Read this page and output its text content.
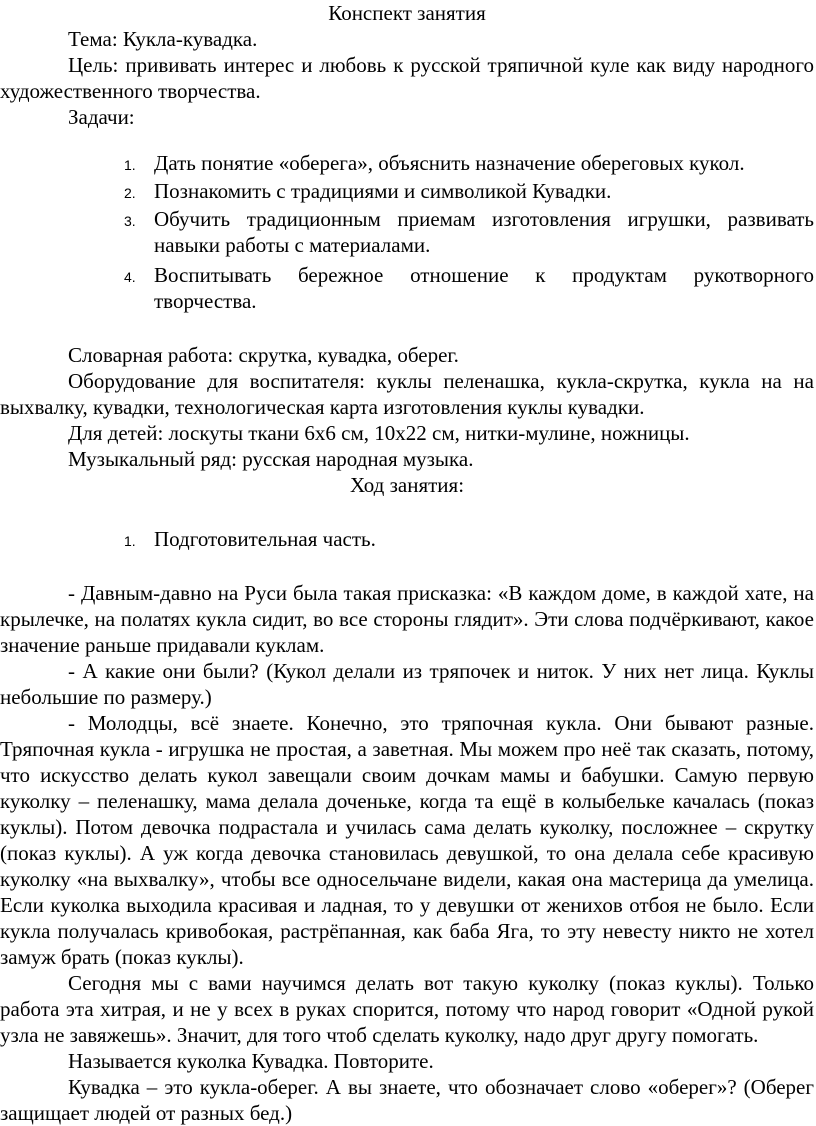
Конспект занятия

Тема: Кукла-кувадка.

Цель: прививать интерес и любовь к русской тряпичной куле как виду народного художественного творчества.

Задачи:

1. Дать понятие «оберега», объяснить назначение обереговых кукол.
2. Познакомить с традициями и символикой Кувадки.
3. Обучить традиционным приемам изготовления игрушки, развивать навыки работы с материалами.
4. Воспитывать бережное отношение к продуктам рукотворного творчества.

Словарная работа: скрутка, кувадка, оберег.

Оборудование для воспитателя: куклы пеленашка, кукла-скрутка, кукла на на выхвалку, кувадки, технологическая карта изготовления куклы кувадки.

Для детей: лоскуты ткани 6х6 см, 10х22 см, нитки-мулине, ножницы.

Музыкальный ряд: русская народная музыка.

Ход занятия:

1. Подготовительная часть.

- Давным-давно на Руси была такая присказка: «В каждом доме, в каждой хате, на крылечке, на полатях кукла сидит, во все стороны глядит». Эти слова подчёркивают, какое значение раньше придавали куклам.

- А какие они были? (Кукол делали из тряпочек и ниток. У них нет лица. Куклы небольшие по размеру.)

- Молодцы, всё знаете. Конечно, это тряпочная кукла. Они бывают разные. Тряпочная кукла - игрушка не простая, а заветная. Мы можем про неё так сказать, потому, что искусство делать кукол завещали своим дочкам мамы и бабушки. Самую первую куколку – пеленашку, мама делала доченьке, когда та ещё в колыбельке качалась (показ куклы). Потом девочка подрастала и училась сама делать куколку, посложнее – скрутку (показ куклы). А уж когда девочка становилась девушкой, то она делала себе красивую куколку «на выхвалку», чтобы все односельчане видели, какая она мастерица да умелица. Если куколка выходила красивая и ладная, то у девушки от женихов отбоя не было. Если кукла получалась кривобокая, растрёпанная, как баба Яга, то эту невесту никто не хотел замуж брать (показ куклы).

Сегодня мы с вами научимся делать вот такую куколку (показ куклы). Только работа эта хитрая, и не у всех в руках спорится, потому что народ говорит «Одной рукой узла не завяжешь». Значит, для того чтоб сделать куколку, надо друг другу помогать.

Называется куколка Кувадка. Повторите.

Кувадка – это кукла-оберег. А вы знаете, что обозначает слово «оберег»? (Оберег защищает людей от разных бед.)
